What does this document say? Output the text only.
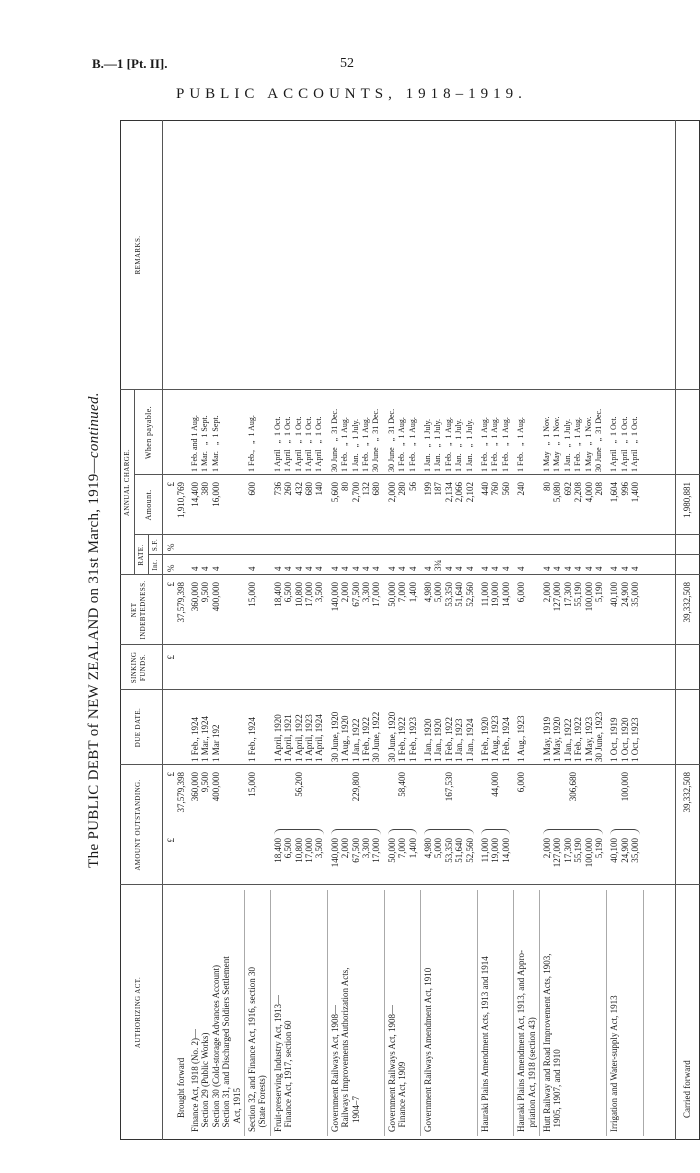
B.—1 [Pt. II].	52
PUBLIC ACCOUNTS, 1918–1919.
The PUBLIC DEBT of NEW ZEALAND on 31st March, 1919—continued.
AUTHORIZING ACT.
AMOUNT OUTSTANDING.
DUE DATE.
SINKING FUNDS.
NET INDEBTEDNESS.
ANNUAL CHARGE.
RATE. Int.
S.F.
Amount.
When payable.
REMARKS.
£
£
£
£
%
%
£
Brought forward
37,579,398
37,579,398
1,910,769
Finance Act, 1918 (No. 2)—
Section 29 (Public Works)
Section 30 (Cold-storage Advances Account)
Section 31, and Discharged Soldiers Settlement
Act, 1915
360,000
9,500
400,000
1 Feb., 1924
1 Mar., 1924
1 Mar 192
360,000
9,500
400,000
4
4
4
14,400
380
16,000
1 Feb. and 1 Aug.
1 Mar.   „  1 Sept.
1 Mar.   „  1 Sept.
Section 32, and Finance Act, 1916, section 30
(State Forests)
15,000
1 Feb., 1924
15,000
4
600
1 Feb.,   „  1 Aug.
Fruit-preserving Industry Act, 1913—
Finance Act, 1917, section 60
18,400
6,500
10,800
17,000
3,500
56,200
1 April, 1920
1 April, 1921
1 April, 1922
1 April, 1923
1 April, 1924
18,400
6,500
10,800
17,000
3,500
4
4
4
4
4
736
260
432
680
140
1 April   „  1 Oct.
1 April   „  1 Oct.
1 April   „  1 Oct.
1 April   „  1 Oct.
1 April   „  1 Oct.
Government Railways Act, 1908—
Railways Improvements Authorization Acts,
1904–7
140,000
2,000
67,500
3,300
17,000
229,800
30 June, 1920
1 Aug., 1920
1 Jan., 1922
1 Feb., 1922
30 June, 1922
140,000
2,000
67,500
3,300
17,000
4
4
4
4
4
5,600
80
2,700
132
680
30 June   „  31 Dec.
1 Feb.   „  1 Aug.
1 Jan.   „  1 July.
1 Feb.   „  1 Aug.
30 June   „  31 Dec.
Government Railways Act, 1908—
Finance Act, 1909
50,000
7,000
1,400
58,400
30 June, 1920
1 Feb., 1922
1 Feb., 1923
50,000
7,000
1,400
4
4
4
2,000
280
56
30 June   „  31 Dec.
1 Feb.   „  1 Aug.
1 Feb.   „  1 Aug.
Government Railways Amendment Act, 1910
4,980
5,000
53,350
51,640
52,560
167,530
1 Jan., 1920
1 Jan., 1920
1 Feb., 1922
1 Jan., 1923
1 Jan., 1924
4,980
5,000
53,350
51,640
52,560
4
3¾
4
4
4
199
187
2,134
2,066
2,102
1 Jan.   „  1 July.
1 Jan.   „  1 July.
1 Feb.   „  1 Aug.
1 Jan.   „  1 July.
1 Jan.   „  1 July.
Hauraki Plains Amendment Acts, 1913 and 1914
11,000
19,000
14,000
44,000
1 Feb., 1920
1 Aug., 1923
1 Feb., 1924
11,000
19,000
14,000
4
4
4
440
760
560
1 Feb.   „  1 Aug.
1 Feb.   „  1 Aug.
1 Feb.   „  1 Aug.
Hauraki Plains Amendment Act, 1913, and Appro-
priation Act, 1918 (section 43)
6,000
1 Aug., 1923
6,000
4
240
1 Feb.   „  1 Aug.
Hutt Railway and Road Improvement Acts, 1903,
1905, 1907, and 1910
2,000
127,000
17,300
55,190
100,000
5,190
306,680
1 May, 1919
1 May, 1920
1 Jan., 1922
1 Feb., 1922
1 May, 1923
30 June, 1923
2,000
127,000
17,300
55,190
100,000
5,190
4
4
4
4
4
4
80
5,080
692
2,208
4,000
208
1 May   „  1 Nov.
1 May   „  1 Nov.
1 Jan.   „  1 July.
1 Feb.   „  1 Aug.
1 May   „  1 Nov.
30 June   „  31 Dec.
Irrigation and Water-supply Act, 1913
40,100
24,900
35,000
100,000
1 Oct., 1919
1 Oct., 1920
1 Oct., 1923
40,100
24,900
35,000
4
4
4
1,604
996
1,400
1 April   „  1 Oct.
1 April   „  1 Oct.
1 April   „  1 Oct.
Carried forward
39,332,508
39,332,508
1,980,881
